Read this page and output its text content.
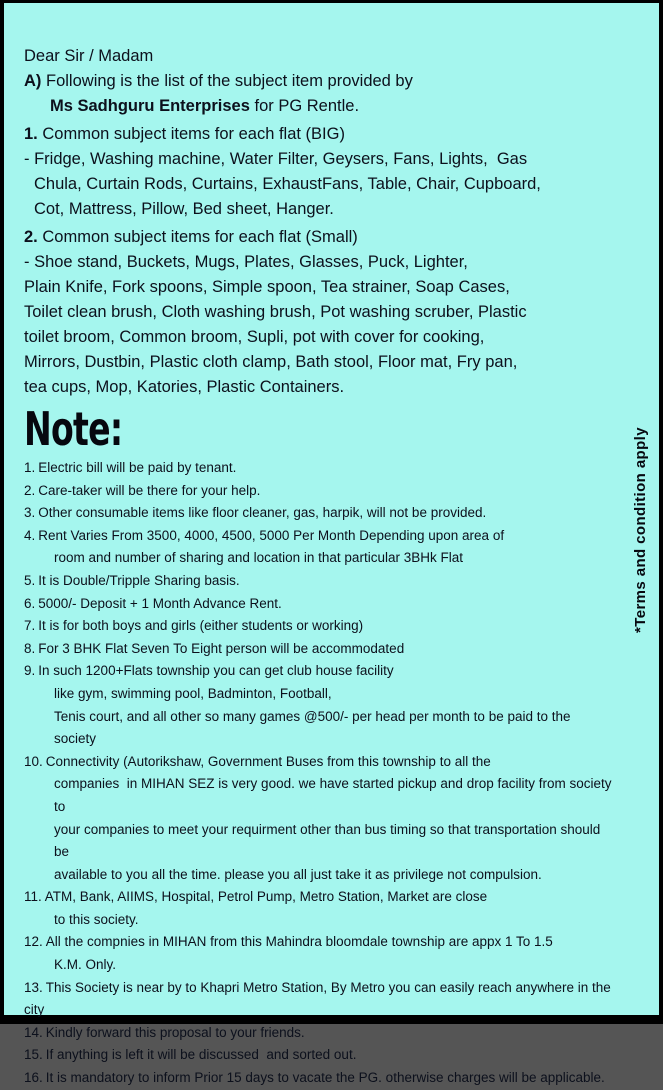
Dear Sir / Madam

A) Following is the list of the subject item provided by

Ms Sadhguru Enterprises for PG Rentle.

1. Common subject items for each flat (BIG)

- Fridge, Washing machine, Water Filter, Geysers, Fans, Lights,  Gas

Chula, Curtain Rods, Curtains, ExhaustFans, Table, Chair, Cupboard,

Cot, Mattress, Pillow, Bed sheet, Hanger.

2. Common subject items for each flat (Small)

- Shoe stand, Buckets, Mugs, Plates, Glasses, Puck, Lighter,

Plain Knife, Fork spoons, Simple spoon, Tea strainer, Soap Cases,

Toilet clean brush, Cloth washing brush, Pot washing scruber, Plastic

toilet broom, Common broom, Supli, pot with cover for cooking,

Mirrors, Dustbin, Plastic cloth clamp, Bath stool, Floor mat, Fry pan,

tea cups, Mop, Katories, Plastic Containers.

Note:
1. Electric bill will be paid by tenant.
2. Care-taker will be there for your help.
3. Other consumable items like floor cleaner, gas, harpik, will not be provided.
4. Rent Varies From 3500, 4000, 4500, 5000 Per Month Depending upon area of
room and number of sharing and location in that particular 3BHk Flat
5. It is Double/Tripple Sharing basis.
6. 5000/- Deposit + 1 Month Advance Rent.
7. It is for both boys and girls (either students or working)
8. For 3 BHK Flat Seven To Eight person will be accommodated
9. In such 1200+Flats township you can get club house facility
like gym, swimming pool, Badminton, Football,
Tenis court, and all other so many games @500/- per head per month to be paid to the society
10. Connectivity (Autorikshaw, Government Buses from this township to all the
companies  in MIHAN SEZ is very good. we have started pickup and drop facility from society to
your companies to meet your requirment other than bus timing so that transportation should be
available to you all the time. please you all just take it as privilege not compulsion.
11. ATM, Bank, AIIMS, Hospital, Petrol Pump, Metro Station, Market are close
to this society.
12. All the compnies in MIHAN from this Mahindra bloomdale township are appx 1 To 1.5
K.M. Only.
13. This Society is near by to Khapri Metro Station, By Metro you can easily reach anywhere in the city
14. Kindly forward this proposal to your friends.
15. If anything is left it will be discussed  and sorted out.
16. It is mandatory to inform Prior 15 days to vacate the PG. otherwise charges will be applicable.
*Terms and condition apply
